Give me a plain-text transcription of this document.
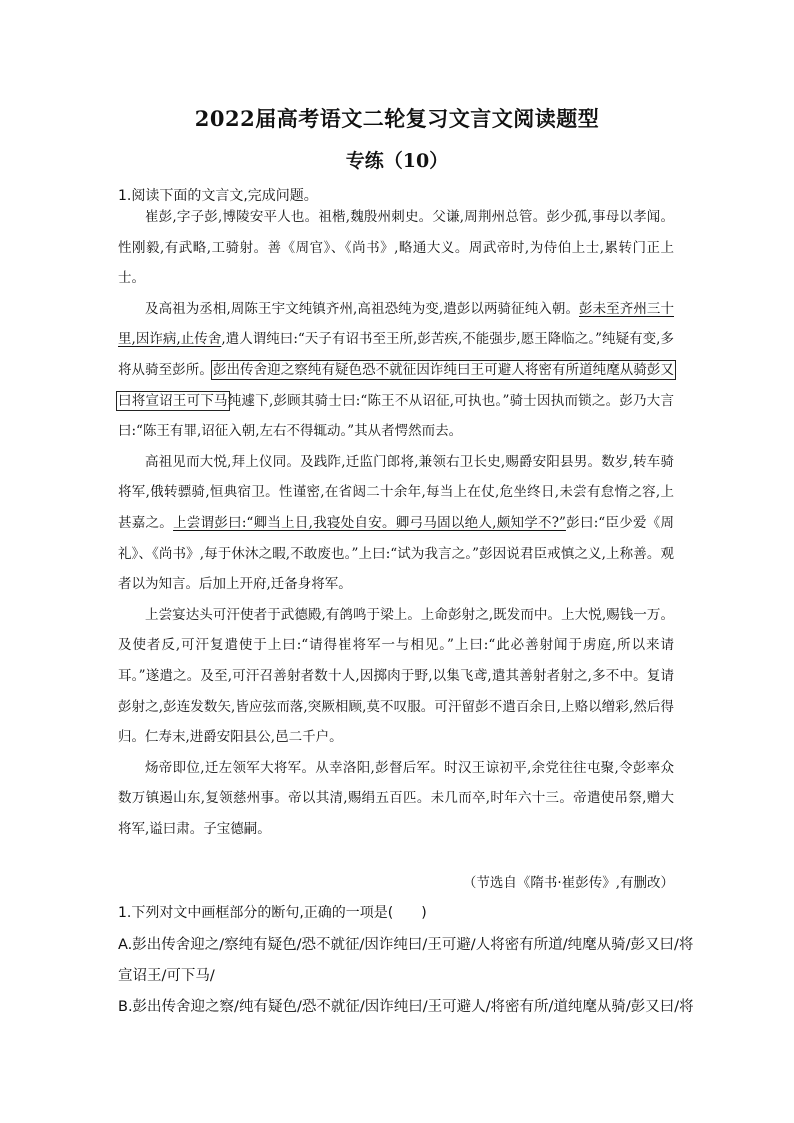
2022届高考语文二轮复习文言文阅读题型
专练（10）
1.阅读下面的文言文,完成问题。

崔彭,字子彭,博陵安平人也。祖楷,魏殷州刺史。父谦,周荆州总管。彭少孤,事母以孝闻。性刚毅,有武略,工骑射。善《周官》、《尚书》,略通大义。周武帝时,为侍伯上士,累转门正上士。

及高祖为丞相,周陈王宇文纯镇齐州,高祖恐纯为变,遣彭以两骑征纯入朝。彭未至齐州三十里,因诈病,止传舍,遣人谓纯曰:“天子有诏书至王所,彭苦疾,不能强步,愿王降临之。”纯疑有变,多将从骑至彭所。彭出传舍迎之察纯有疑色恐不就征因诈纯曰王可避人将密有所道纯麾从骑彭又曰将宣诏王可下马纯遽下,彭顾其骑士曰:“陈王不从诏征,可执也。”骑士因执而锁之。彭乃大言曰:“陈王有罪,诏征入朝,左右不得辄动。”其从者愕然而去。

高祖见而大悦,拜上仪同。及践阼,迁监门郎将,兼领右卫长史,赐爵安阳县男。数岁,转车骑将军,俄转骠骑,恒典宿卫。性谨密,在省闼二十余年,每当上在仗,危坐终日,未尝有怠惰之容,上甚嘉之。上尝谓彭曰:“卿当上日,我寝处自安。卿弓马固以绝人,颇知学不?”彭曰:“臣少爱《周礼》、《尚书》,每于休沐之暇,不敢废也。”上曰:“试为我言之。”彭因说君臣戒慎之义,上称善。观者以为知言。后加上开府,迁备身将军。

上尝宴达头可汗使者于武德殿,有鸽鸣于梁上。上命彭射之,既发而中。上大悦,赐钱一万。及使者反,可汗复遣使于上曰:“请得崔将军一与相见。”上曰:“此必善射闻于虏庭,所以来请耳。”遂遣之。及至,可汗召善射者数十人,因掷肉于野,以集飞鸢,遣其善射者射之,多不中。复请彭射之,彭连发数矢,皆应弦而落,突厥相顾,莫不叹服。可汗留彭不遣百余日,上赂以缯彩,然后得归。仁寿末,进爵安阳县公,邑二千户。

炀帝即位,迁左领军大将军。从幸洛阳,彭督后军。时汉王谅初平,余党往往屯聚,令彭率众数万镇遏山东,复领慈州事。帝以其清,赐绢五百匹。未几而卒,时年六十三。帝遣使吊祭,赠大将军,谥曰肃。子宝德嗣。

（节选自《隋书·崔彭传》,有删改）
1.下列对文中画框部分的断句,正确的一项是(　　)
A.彭出传舍迎之/察纯有疑色/恐不就征/因诈纯曰/王可避/人将密有所道/纯麾从骑/彭又曰/将
宣诏王/可下马/
B.彭出传舍迎之察/纯有疑色/恐不就征/因诈纯曰/王可避人/将密有所/道纯麾从骑/彭又曰/将
